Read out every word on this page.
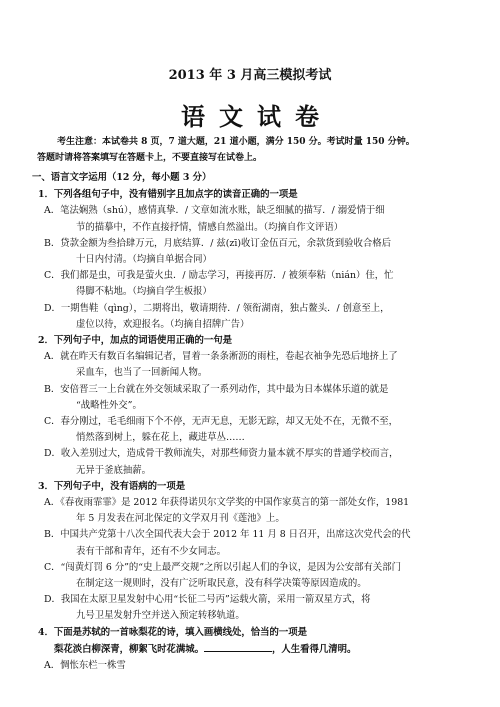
2013 年 3 月高三模拟考试
语文试卷
考生注意：本试卷共 8 页，7 道大题，21 道小题，满分 150 分。考试时量 150 分钟。
答题时请将答案填写在答题卡上，不要直接写在试卷上。
一、语言文字运用（12 分，每小题 3 分）
1．下列各组句子中，没有错别字且加点字的读音正确的一项是
A．笔法娴熟（shú），感情真挚．/ 文章如流水账，缺乏细腻的描写．/ 溺爱情于细
节的描摹中，不作直接抒情，情感自然溢出。（均摘自作文评语）
B．贷款金额为叁拾肆万元，月底结算．/ 兹(zī)收订金伍百元，余款货到验收合格后
十日内付清。（均摘自单据合同）
C．我们都是虫，可我是萤火虫．/ 励志学习，再接再厉．/ 被须奉粘（nián）住，忙
得脚不粘地。（均摘自学生板报）
D．一期售鞋（qìng），二期将出，敬请期待．/ 领衔湖南，独占鳌头．/ 创意至上，
虚位以待，欢迎报名。（均摘自招牌广告）
2．下列句子中，加点的词语使用正确的一句是
A．就在昨天有数百名编辑记者，冒着一条条淅沥的雨柱，卷起衣袖争先恐后地挤上了
采血车，也当了一回新闻人物。
B．安倍晋三一上台就在外交领域采取了一系列动作，其中最为日本媒体乐道的就是
“战略性外交”。
C．春分刚过，毛毛细雨下个不停，无声无息，无影无踪，却又无处不在，无微不至，
悄然落到树上，躲在花上，藏进草丛……
D．收入差别过大，造成骨干教师流失，对那些师资力量本就不厚实的普通学校而言，
无异于釜底抽薪。
3．下列句子中，没有语病的一项是
A．《春夜雨霏霏》是 2012 年获得诺贝尔文学奖的中国作家莫言的第一部处女作，1981
年 5 月发表在河北保定的文学双月刊《莲池》上。
B．中国共产党第十八次全国代表大会于 2012 年 11 月 8 日召开，出席这次党代会的代
表有干部和青年，还有不少女同志。
C．“闯黄灯罚 6 分”的“史上最严交规”之所以引起人们的争议，是因为公安部有关部门
在制定这一规则时，没有广泛听取民意，没有科学决策等原因造成的。
D．我国在太原卫星发射中心用“长征二号丙”运载火箭，采用一箭双星方式，将
九号卫星发射升空并送入预定转移轨道。
4．下面是苏轼的一首咏梨花的诗，填入画横线处，恰当的一项是
梨花淡白柳深青，柳絮飞时花满城。	，人生看得几清明。
A．惆怅东栏一株雪
